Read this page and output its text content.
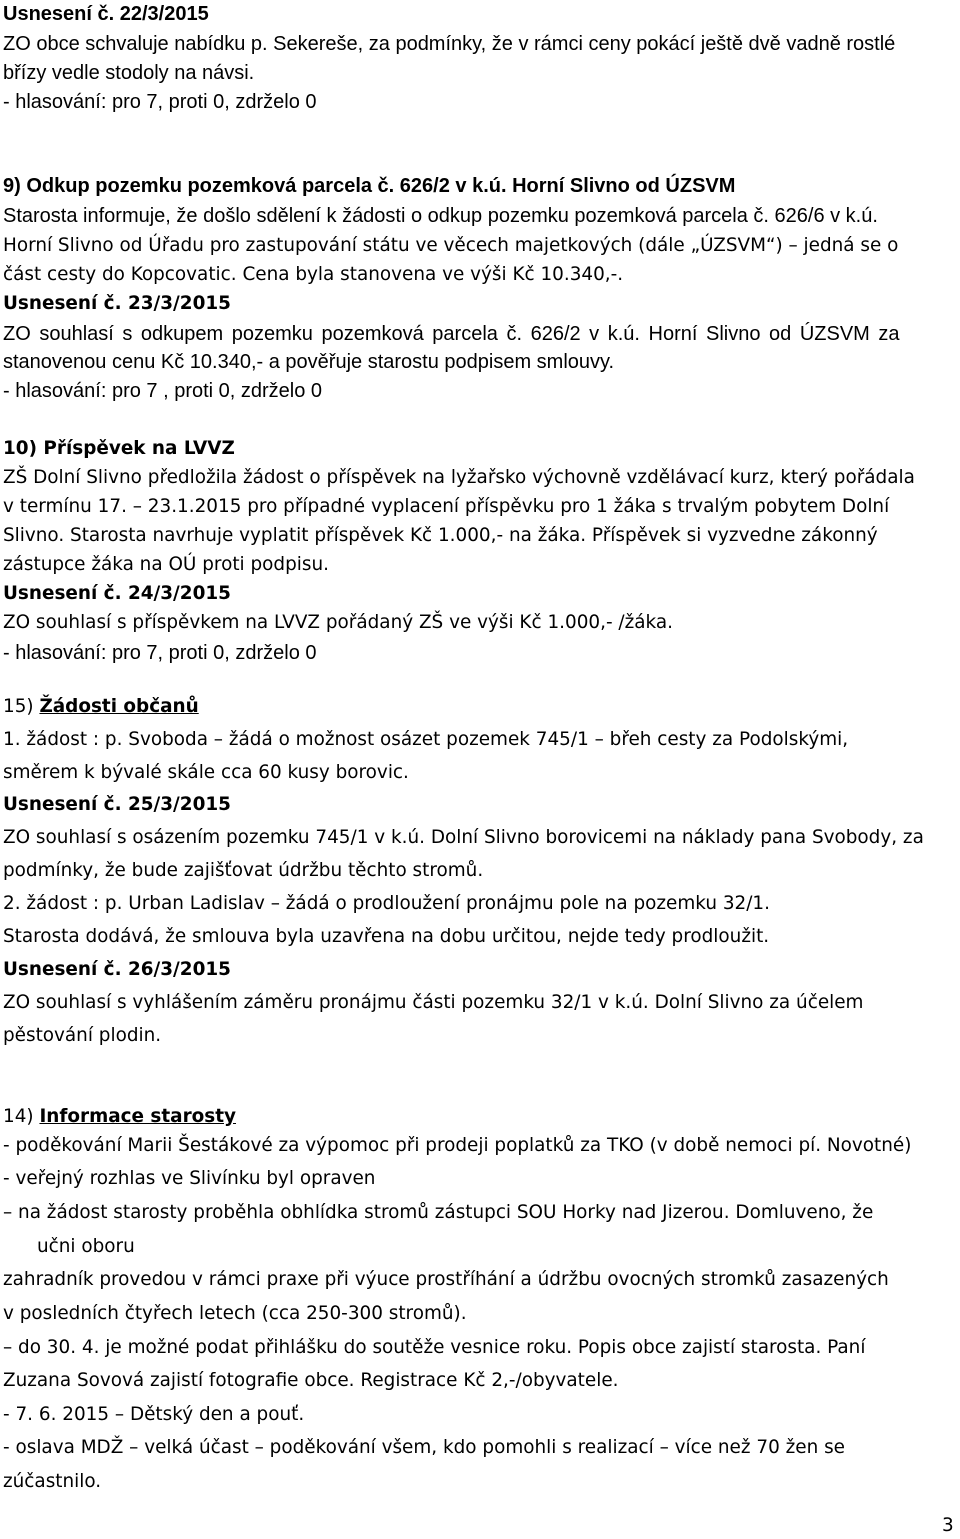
Usnesení č. 22/3/2015
ZO obce schvaluje nabídku p. Sekereše, za podmínky, že v rámci ceny pokácí ještě dvě vadně rostlé
břízy vedle stodoly na návsi.
- hlasování: pro 7, proti 0, zdrželo 0
9) Odkup pozemku pozemková parcela č. 626/2 v k.ú. Horní Slivno od ÚZSVM
Starosta informuje, že došlo sdělení k žádosti o odkup pozemku pozemková parcela č. 626/6 v k.ú.
Horní Slivno od Úřadu pro zastupování státu ve věcech majetkových (dále „ÚZSVM“) – jedná se o
část cesty do Kopcovatic. Cena byla stanovena ve výši Kč 10.340,-.
Usnesení č. 23/3/2015
ZO souhlasí s odkupem pozemku pozemková parcela č. 626/2 v k.ú. Horní Slivno od ÚZSVM za
stanovenou cenu Kč 10.340,- a pověřuje starostu podpisem smlouvy.
- hlasování: pro 7 , proti 0, zdrželo 0
10) Příspěvek na LVVZ
ZŠ Dolní Slivno předložila žádost o příspěvek na lyžařsko výchovně vzdělávací kurz, který pořádala
v termínu 17. – 23.1.2015 pro případné vyplacení příspěvku pro 1 žáka s trvalým pobytem Dolní
Slivno. Starosta navrhuje vyplatit příspěvek Kč 1.000,- na žáka. Příspěvek si vyzvedne zákonný
zástupce žáka na OÚ proti podpisu.
Usnesení č. 24/3/2015
ZO souhlasí s příspěvkem na LVVZ pořádaný ZŠ ve výši Kč 1.000,- /žáka.
- hlasování: pro 7, proti 0, zdrželo 0
15) Žádosti občanů
1. žádost : p. Svoboda – žádá o možnost osázet pozemek 745/1 – břeh cesty za Podolskými,
směrem k bývalé skále cca 60 kusy borovic.
Usnesení č. 25/3/2015
ZO souhlasí s osázením pozemku 745/1 v k.ú. Dolní Slivno borovicemi na náklady pana Svobody, za
podmínky, že bude zajišťovat údržbu těchto stromů.
2. žádost : p. Urban Ladislav – žádá o prodloužení pronájmu pole na pozemku 32/1.
Starosta dodává, že smlouva byla uzavřena na dobu určitou, nejde tedy prodloužit.
Usnesení č. 26/3/2015
ZO souhlasí s vyhlášením záměru pronájmu části pozemku 32/1 v k.ú. Dolní Slivno za účelem
pěstování plodin.
14) Informace starosty
- poděkování Marii Šestákové za výpomoc při prodeji poplatků za TKO (v době nemoci pí. Novotné)
- veřejný rozhlas ve Slivínku byl opraven
– na žádost starosty proběhla obhlídka stromů zástupci SOU Horky nad Jizerou. Domluveno, že
učni oboru
zahradník provedou v rámci praxe při výuce prostříhání a údržbu ovocných stromků zasazených
v posledních čtyřech letech (cca 250-300 stromů).
– do 30. 4. je možné podat přihlášku do soutěže vesnice roku. Popis obce zajistí starosta. Paní
Zuzana Sovová zajistí fotografie obce. Registrace Kč 2,-/obyvatele.
- 7. 6. 2015 – Dětský den a pouť.
- oslava MDŽ – velká účast – poděkování všem, kdo pomohli s realizací – více než 70 žen se
zúčastnilo.
3
